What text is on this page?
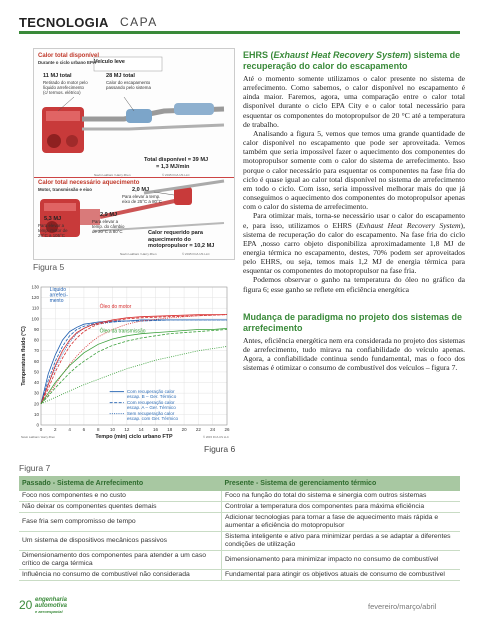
TECNOLOGIA CAPA
Calor total disponível
Durante o ciclo urbano EPA
Veículo leve
11 MJ total
Retirado do motor pelo
líquido arrefecimento
(c/ termos. elétrico)
28 MJ total
Calor do escapamento
passando pelo sistema
Total disponível = 39 MJ
= 1,3 MJ/min
Navin Lakhani / Harry Zhen	© 2015 FCA US LLC
Calor total necessário aquecimento
Motor, transmissão e eixo	2,0 MJ
Para elevar a temp.
eixo de 25°C a 80°C
5,3 MJ
Para elevar a
temp. motor de
20°C a 105°C
2,9 MJ
Para elevar a
temp. do câmbio
de 20°C a 80°C	Calor requerido para
aquecimento do
motopropulsor = 10,2 MJ
Navin Lakhani / Harry Zhen	© 2015 FCA US LLC
Figura 5
0
10
20
30
40
50
60
70
80
90
100
110
120
130
0	2	4	6	8 10 12 14 16 18 20 22 24 26
Tempo (min) ciclo urbano FTP
Temperatura fluido (°C)
Líquido arrefeci-mento
Óleo do motor
Óleo da transmissão
Com recuperação calor escap. B – Ger. Térmico
Com recuperação calor escap. A – Ger. Térmico
Sem recuperação calor escap. com Ger. Térmico
Navin Lakhani / Harry Zhen	© 2015 FCA US LLC
Figura 6
EHRS (Exhaust Heat Recovery System) sistema de recuperação do calor do escapamento

Até o momento somente utilizamos o calor presente no sistema de arrefecimento. Como sabemos, o calor disponível no escapamento é ainda maior. Faremos, agora, uma comparação entre o calor total disponível durante o ciclo EPA City e o calor total necessário para esquentar os componentes do motopropulsor de 20 °C até a temperatura de trabalho.

Analisando a figura 5, vemos que temos uma grande quantidade de calor disponível no escapamento que pode ser aproveitada. Vemos também que seria impossível fazer o aquecimento dos componentes do motopropulsor somente com o calor do sistema de arrefecimento. Isso porque o calor necessário para esquentar os componentes na fase fria do ciclo é quase igual ao calor total disponível no sistema de arrefecimento em todo o ciclo. Com isso, seria impossível melhorar mais do que já conseguimos o aquecimento dos componentes do motopropulsor apenas com o calor do sistema de arrefecimento.

Para otimizar mais, torna-se necessário usar o calor do escapamento e, para isso, utilizamos o EHRS (Exhaust Heat Recovery System), sistema de recuperação do calor do escapamento. Na fase fria do ciclo EPA ,nosso carro objeto disponibiliza aproximadamente 1,8 MJ de energia térmica no escapamento, destes, 70% podem ser aproveitados pelo EHRS, ou seja, temos mais 1,2 MJ de energia térmica para esquentar os componentes do motopropulsor na fase fria.

Podemos observar o ganho na temperatura do óleo no gráfico da figura 6; esse ganho se reflete em eficiência energética

Mudança de paradigma no projeto dos sistemas de arrefecimento

Antes, eficiência energética nem era considerada no projeto dos sistemas de arrefecimento, tudo mirava na confiabilidade do veículo apenas. Agora, a confiabilidade continua sendo fundamental, mas o foco dos sistemas é otimizar o consumo de combustível dos veículos – figura 7.

Figura 7
Passado - Sistema de Arrefecimento	Presente - Sistema de gerenciamento térmico
Foco nos componentes e no custo	Foco na função do total do sistema e sinergia com outros sistemas
Não deixar os componentes quentes demais	Controlar a temperatura dos componentes para máxima eficiência
Fase fria sem compromisso de tempo	Adicionar tecnologias para tornar a fase de aquecimento mais rápida e aumentar a eficiência do motopropulsor
Um sistema de dispositivos mecânicos passivos	Sistema inteligente e ativo para minimizar perdas a se adaptar a diferentes condições de utilização
Dimensionamento dos componentes para atender a um caso crítico de carga térmica	Dimensionamento para minimizar impacto no consumo de combustível
Influência no consumo de combustível não considerada	Fundamental para atingir os objetivos atuais de consumo de combustível
20 engenharia
automotiva
e aeroespacial
fevereiro/março/abril
